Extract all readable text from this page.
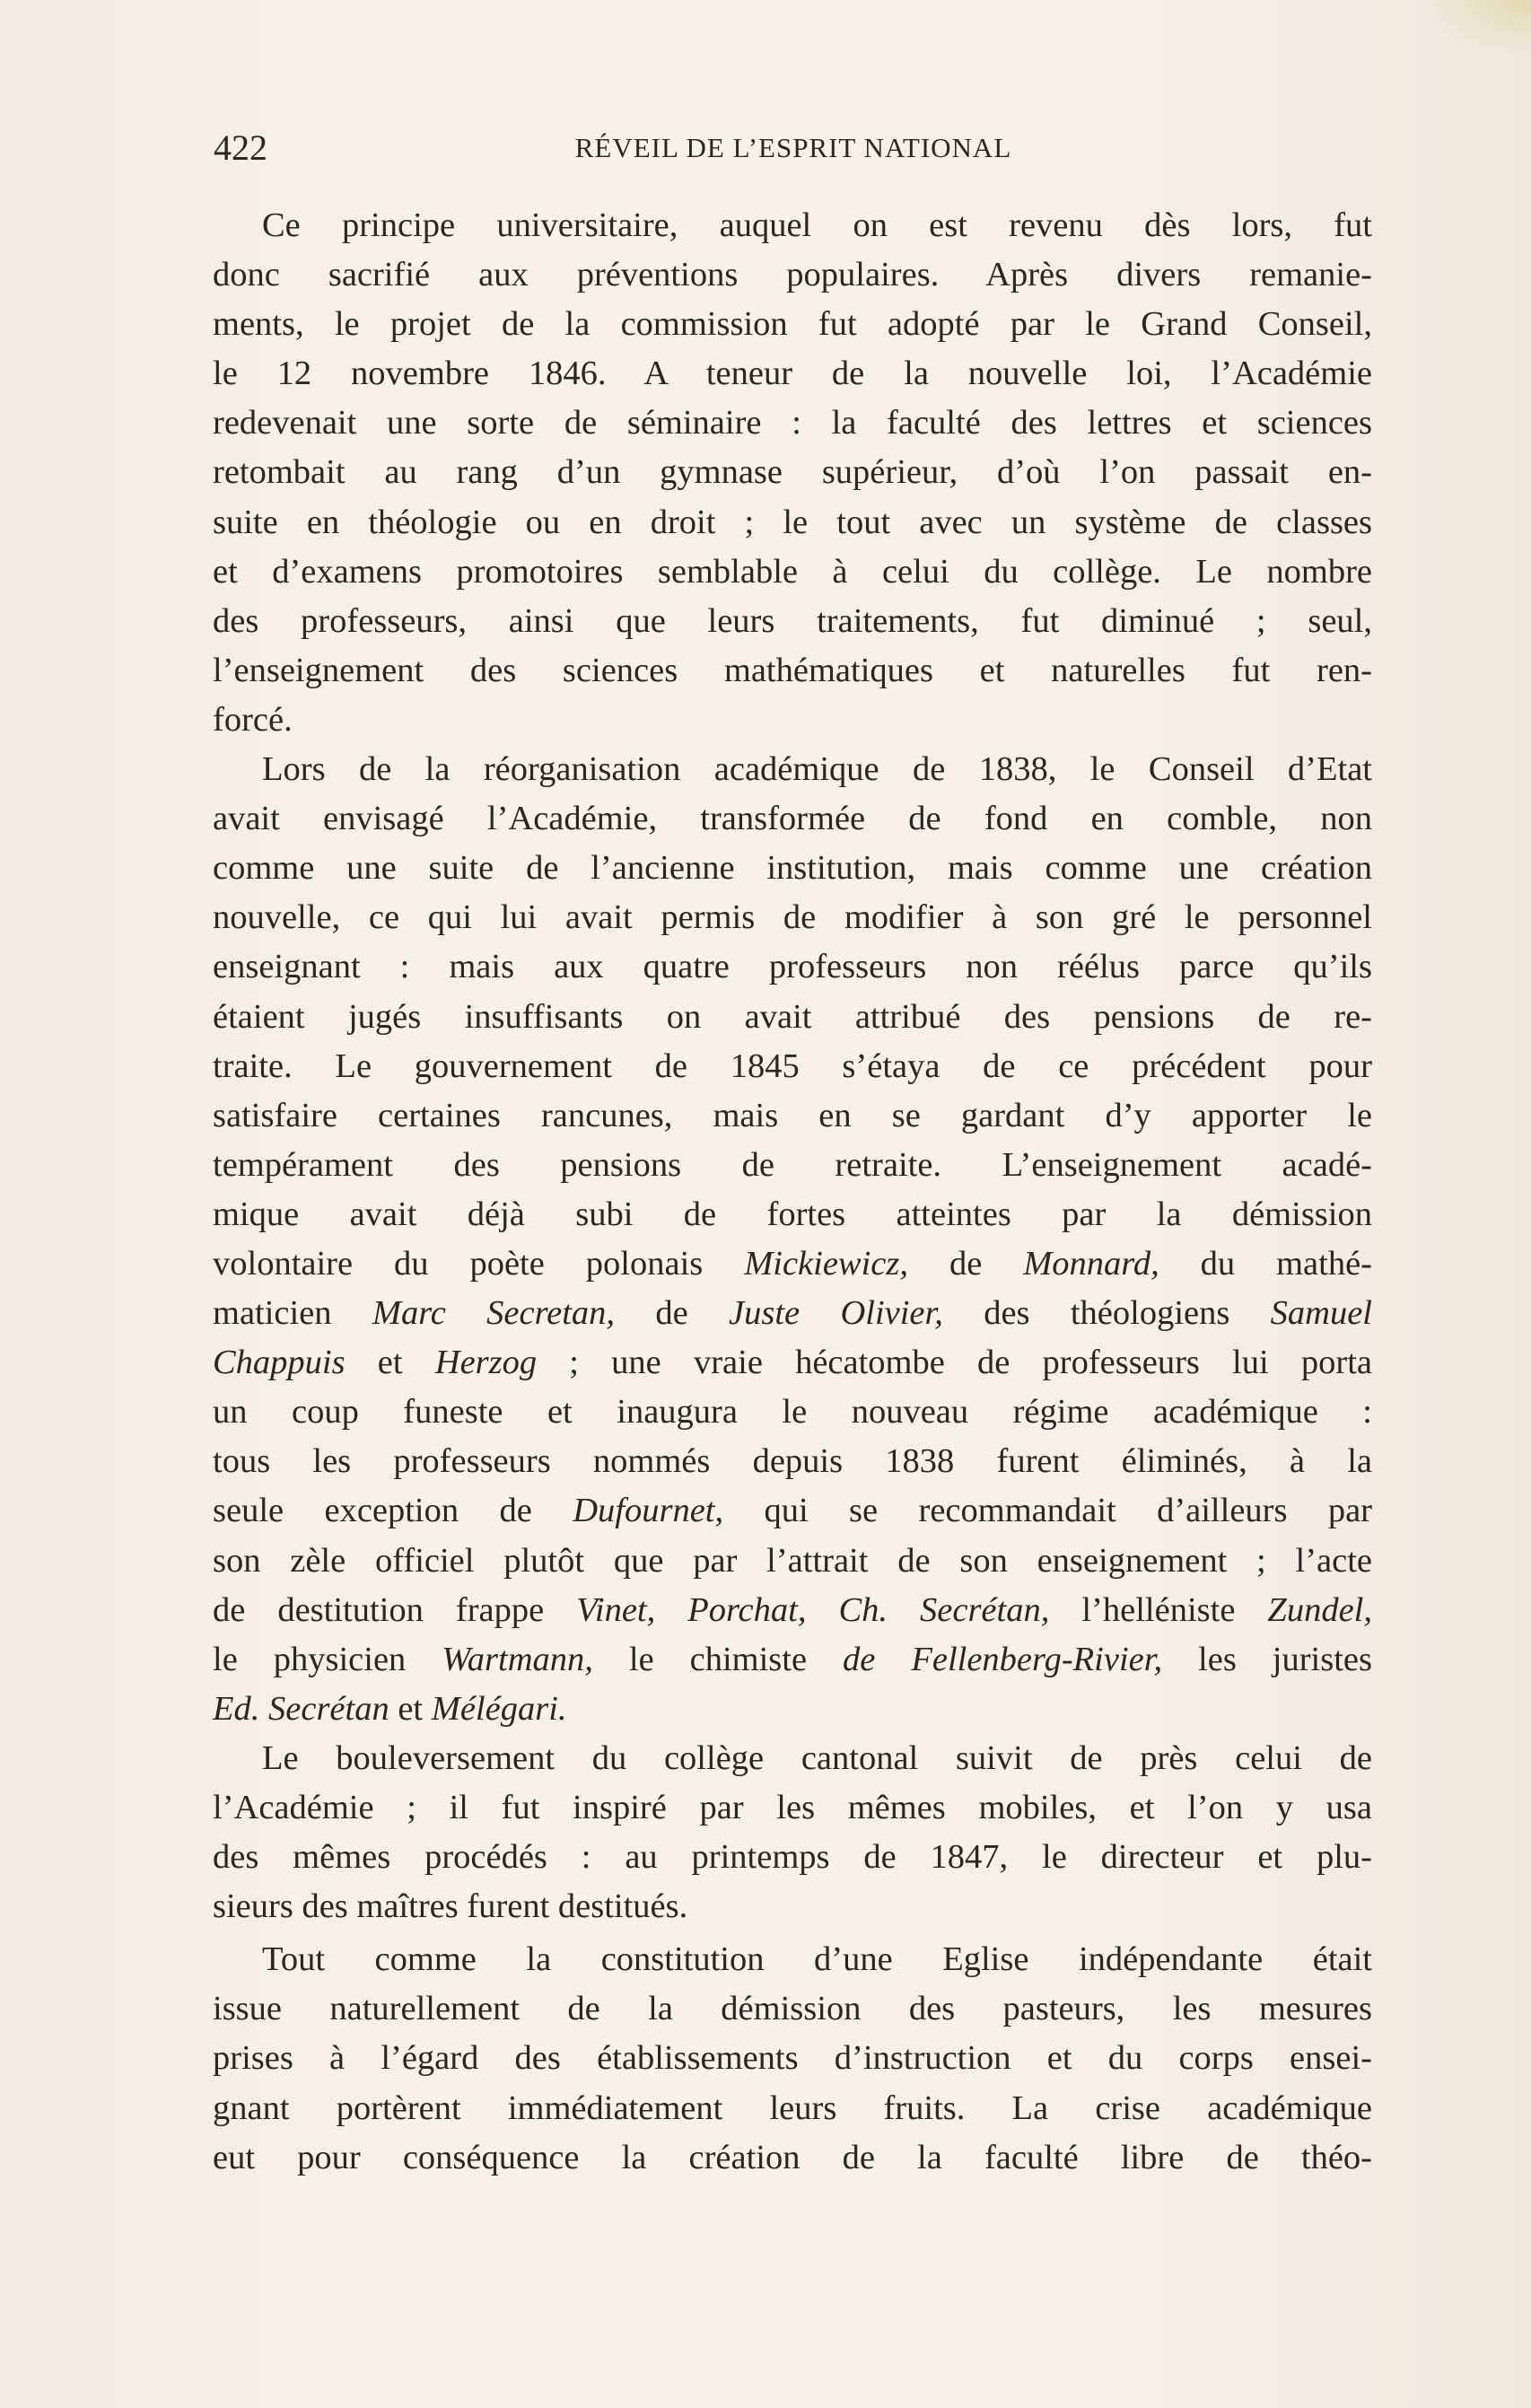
422	RÉVEIL DE L’ESPRIT NATIONAL
Ce principe universitaire, auquel on est revenu dès lors, fut
donc sacrifié aux préventions populaires. Après divers remanie-
ments, le projet de la commission fut adopté par le Grand Conseil,
le 12 novembre 1846. A teneur de la nouvelle loi, l’Académie
redevenait une sorte de séminaire : la faculté des lettres et sciences
retombait au rang d’un gymnase supérieur, d’où l’on passait en-
suite en théologie ou en droit ; le tout avec un système de classes
et d’examens promotoires semblable à celui du collège. Le nombre
des professeurs, ainsi que leurs traitements, fut diminué ; seul,
l’enseignement des sciences mathématiques et naturelles fut ren-
forcé.
Lors de la réorganisation académique de 1838, le Conseil d’Etat
avait envisagé l’Académie, transformée de fond en comble, non
comme une suite de l’ancienne institution, mais comme une création
nouvelle, ce qui lui avait permis de modifier à son gré le personnel
enseignant : mais aux quatre professeurs non réélus parce qu’ils
étaient jugés insuffisants on avait attribué des pensions de re-
traite. Le gouvernement de 1845 s’étaya de ce précédent pour
satisfaire certaines rancunes, mais en se gardant d’y apporter le
tempérament des pensions de retraite. L’enseignement acadé-
mique avait déjà subi de fortes atteintes par la démission
volontaire du poète polonais Mickiewicz, de Monnard, du mathé-
maticien Marc Secretan, de Juste Olivier, des théologiens Samuel
Chappuis et Herzog ; une vraie hécatombe de professeurs lui porta
un coup funeste et inaugura le nouveau régime académique :
tous les professeurs nommés depuis 1838 furent éliminés, à la
seule exception de Dufournet, qui se recommandait d’ailleurs par
son zèle officiel plutôt que par l’attrait de son enseignement ; l’acte
de destitution frappe Vinet, Porchat, Ch. Secrétan, l’helléniste Zundel,
le physicien Wartmann, le chimiste de Fellenberg-Rivier, les juristes
Ed. Secrétan et Mélégari.
Le bouleversement du collège cantonal suivit de près celui de
l’Académie ; il fut inspiré par les mêmes mobiles, et l’on y usa
des mêmes procédés : au printemps de 1847, le directeur et plu-
sieurs des maîtres furent destitués.
Tout comme la constitution d’une Eglise indépendante était
issue naturellement de la démission des pasteurs, les mesures
prises à l’égard des établissements d’instruction et du corps ensei-
gnant portèrent immédiatement leurs fruits. La crise académique
eut pour conséquence la création de la faculté libre de théo-
